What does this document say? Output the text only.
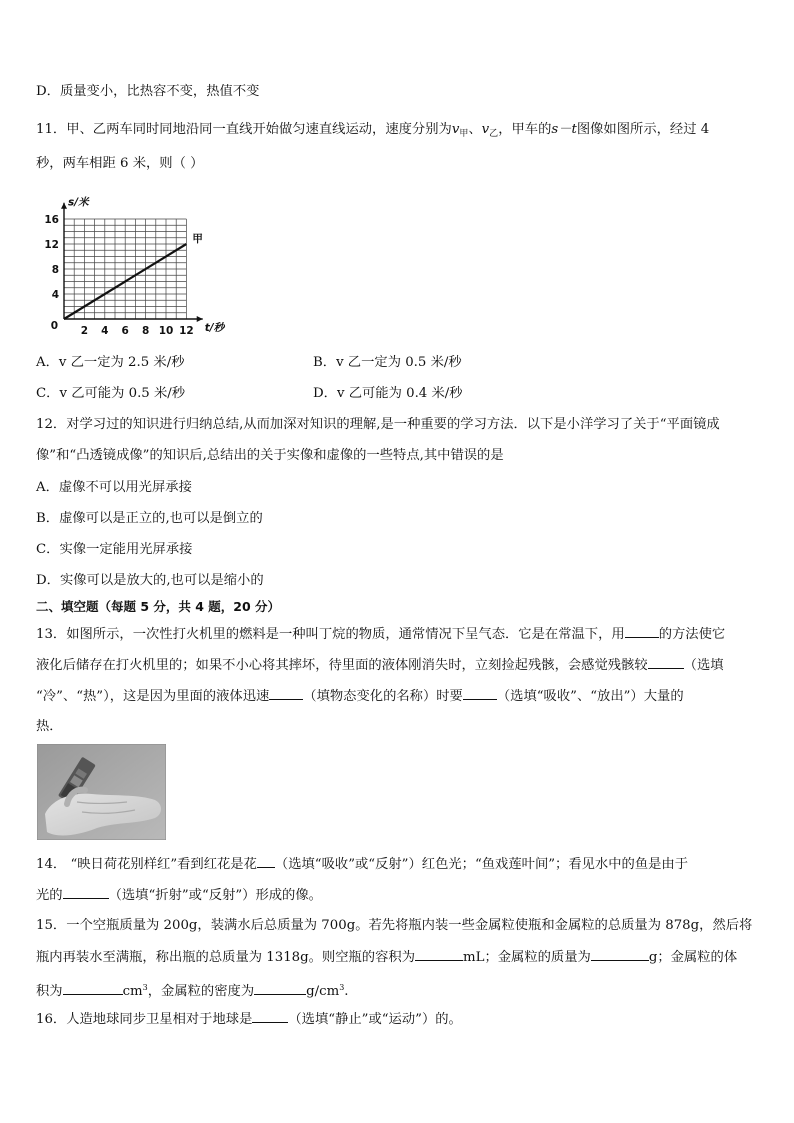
D．质量变小，比热容不变，热值不变
11．甲、乙两车同时同地沿同一直线开始做匀速直线运动，速度分别为$v_甲$、$v_乙$，甲车的s－t图像如图所示，经过 4
秒，两车相距 6 米，则（ ）
2 4 6 8 10 12
4
8
12
16
0
s/米
t/秒
甲
A．v 乙一定为 2.5 米/秒	B．v 乙一定为 0.5 米/秒
C．v 乙可能为 0.5 米/秒	D．v 乙可能为 0.4 米/秒
12．对学习过的知识进行归纳总结,从而加深对知识的理解,是一种重要的学习方法．以下是小洋学习了关于“平面镜成
像”和“凸透镜成像”的知识后,总结出的关于实像和虚像的一些特点,其中错误的是
A．虚像不可以用光屏承接
B．虚像可以是正立的,也可以是倒立的
C．实像一定能用光屏承接
D．实像可以是放大的,也可以是缩小的
二、填空题（每题 5 分，共 4 题，20 分）
13．如图所示，一次性打火机里的燃料是一种叫丁烷的物质，通常情况下呈气态．它是在常温下，用	的方法使它
液化后储存在打火机里的；如果不小心将其摔坏，待里面的液体刚消失时，立刻捡起残骸，会感觉残骸较	（选填
“冷”、“热”），这是因为里面的液体迅速	（填物态变化的名称）时要	（选填“吸收”、“放出”）大量的
热．
14． “映日荷花别样红”看到红花是花 （选填“吸收”或“反射”）红色光；“鱼戏莲叶间”；看见水中的鱼是由于
光的	（选填“折射”或“反射”）形成的像。
15．一个空瓶质量为 200g，装满水后总质量为 700g。若先将瓶内装一些金属粒使瓶和金属粒的总质量为 878g，然后将
瓶内再装水至满瓶，称出瓶的总质量为 1318g。则空瓶的容积为	mL；金属粒的质量为	g；金属粒的体
积为	$cm^3$，金属粒的密度为	$g/cm^3$.
16．人造地球同步卫星相对于地球是	（选填“静止”或“运动”）的。
